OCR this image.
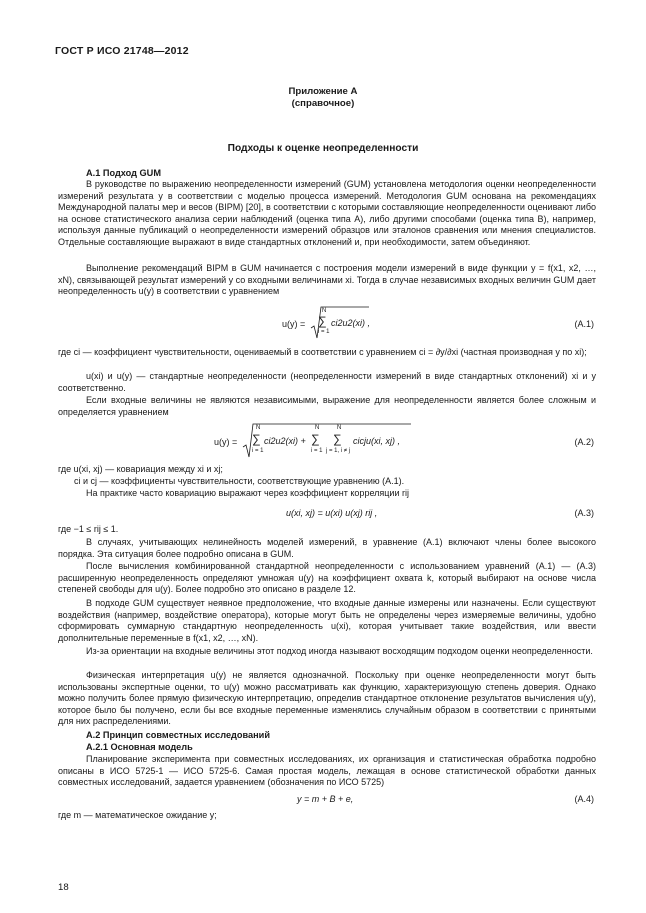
ГОСТ Р ИСО 21748—2012
Приложение А
(справочное)
Подходы к оценке неопределенности
А.1 Подход GUM
В руководстве по выражению неопределенности измерений (GUM) установлена методология оценки неопределенности измерений результата y в соответствии с моделью процесса измерений. Методология GUM основана на рекомендациях Международной палаты мер и весов (BIPM) [20], в соответствии с которыми составляющие неопределенности оценивают либо на основе статистического анализа серии наблюдений (оценка типа A), либо другими способами (оценка типа B), например, используя данные публикаций о неопределенности измерений образцов или эталонов сравнения или мнения специалистов. Отдельные составляющие выражают в виде стандартных отклонений и, при необходимости, затем объединяют.
Выполнение рекомендаций BIPM в GUM начинается с построения модели измерений в виде функции y = f(x1, x2, …, xN), связывающей результат измерений y со входными величинами xi. Тогда в случае независимых входных величин GUM дает неопределенность u(y) в соответствии с уравнением
u(y) =
N
∑
i = 1
ci2u2(xi) ,	(A.1)
где ci — коэффициент чувствительности, оцениваемый в соответствии с уравнением ci = ∂y/∂xi (частная производная y по xi);
u(xi) и u(y) — стандартные неопределенности (неопределенности измерений в виде стандартных отклонений) xi и y соответственно.
Если входные величины не являются независимыми, выражение для неопределенности является более сложным и определяется уравнением
u(y) =
N
∑
i = 1
ci2u2(xi) +
N
∑
i = 1
N
∑
j = 1, i ≠ j
cicju(xi, xj) ,	(A.2)
где u(xi, xj) — ковариация между xi и xj;
ci и cj — коэффициенты чувствительности, соответствующие уравнению (A.1).
На практике часто ковариацию выражают через коэффициент корреляции rij
u(xi, xj) = u(xi) u(xj) rij ,	(A.3)
где −1 ≤ rij ≤ 1.
В случаях, учитывающих нелинейность моделей измерений, в уравнение (A.1) включают члены более высокого порядка. Эта ситуация более подробно описана в GUM.
После вычисления комбинированной стандартной неопределенности с использованием уравнений (A.1) — (A.3) расширенную неопределенность определяют умножая u(y) на коэффициент охвата k, который выбирают на основе числа степеней свободы для u(y). Более подробно это описано в разделе 12.
В подходе GUM существует неявное предположение, что входные данные измерены или назначены. Если существуют воздействия (например, воздействие оператора), которые могут быть не определены через измеряемые величины, удобно сформировать суммарную стандартную неопределенность u(xi), которая учитывает такие воздействия, или ввести дополнительные переменные в f(x1, x2, …, xN).
Из-за ориентации на входные величины этот подход иногда называют восходящим подходом оценки неопределенности.
Физическая интерпретация u(y) не является однозначной. Поскольку при оценке неопределенности могут быть использованы экспертные оценки, то u(y) можно рассматривать как функцию, характеризующую степень доверия. Однако можно получить более прямую физическую интерпретацию, определив стандартное отклонение результатов вычисления u(y), которое было бы получено, если бы все входные переменные изменялись случайным образом в соответствии с принятыми для них распределениями.
А.2 Принцип совместных исследований
А.2.1 Основная модель
Планирование эксперимента при совместных исследованиях, их организация и статистическая обработка подробно описаны в ИСО 5725-1 — ИСО 5725-6. Самая простая модель, лежащая в основе статистической обработки данных совместных исследований, задается уравнением (обозначения по ИСО 5725)
y = m + B + e,	(A.4)
где m — математическое ожидание y;
18
